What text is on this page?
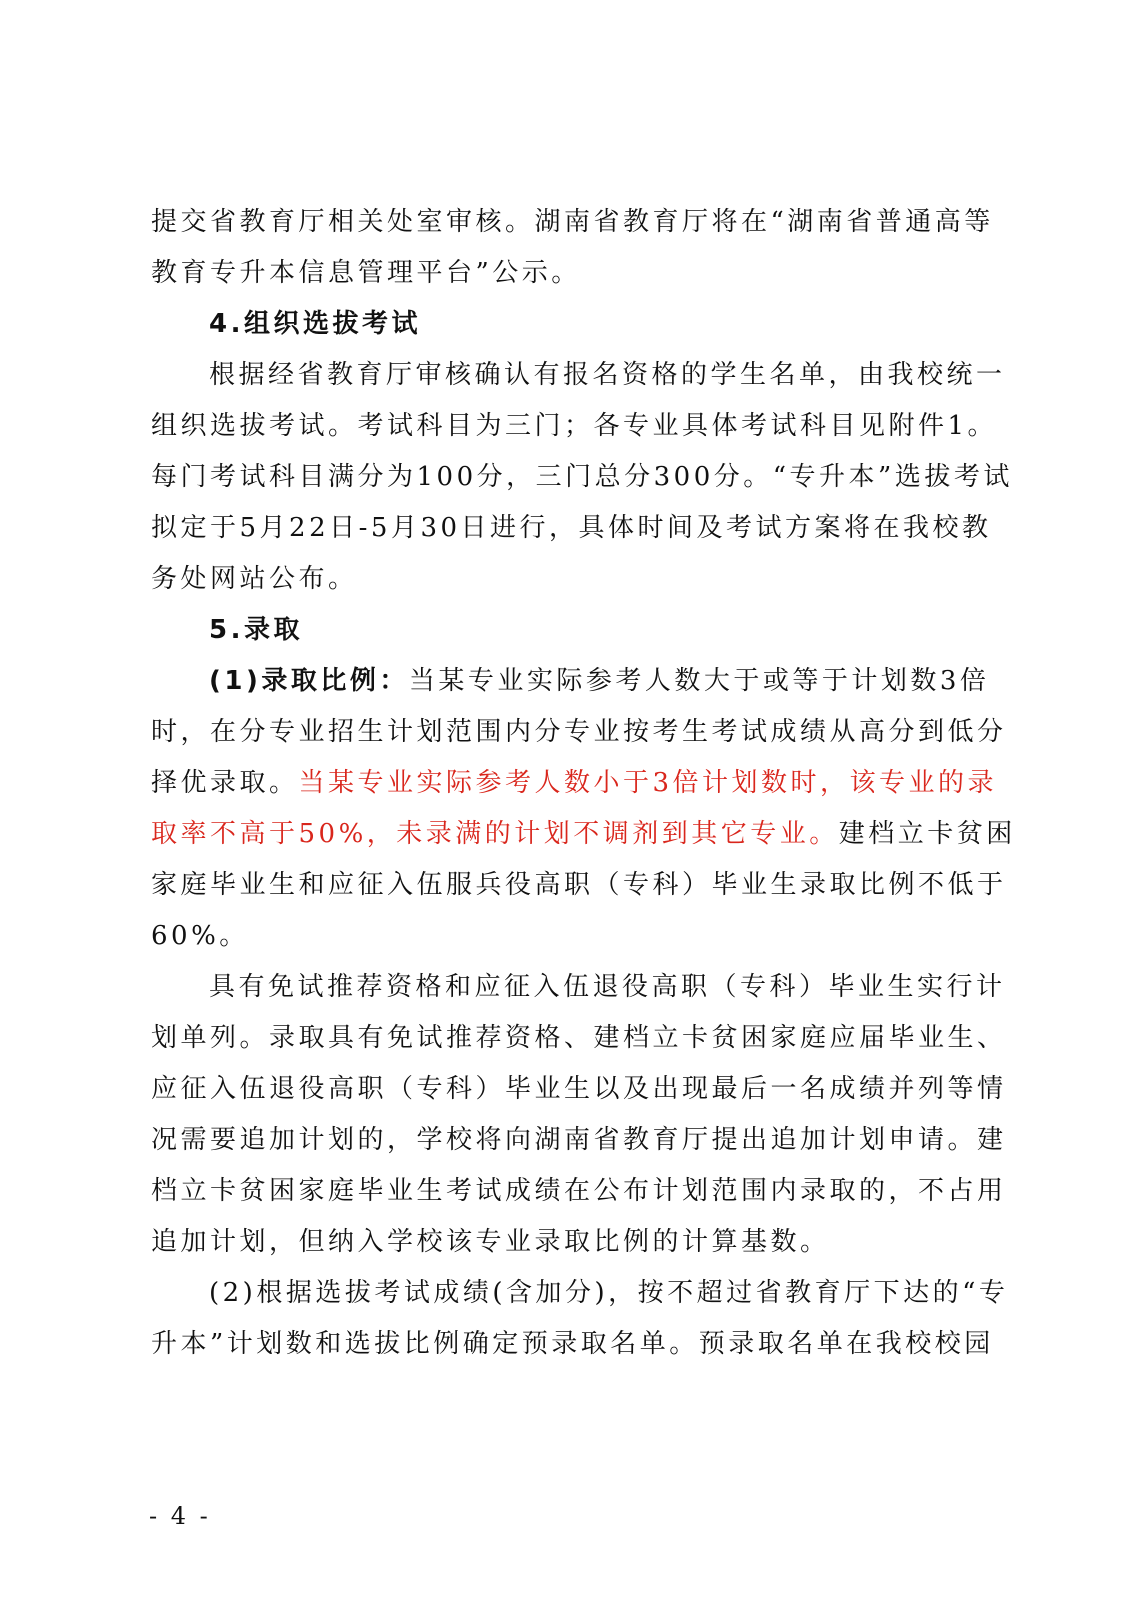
提交省教育厅相关处室审核。湖南省教育厅将在“湖南省普通高等
教育专升本信息管理平台”公示。
4.组织选拔考试
根据经省教育厅审核确认有报名资格的学生名单，由我校统一
组织选拔考试。考试科目为三门；各专业具体考试科目见附件1。
每门考试科目满分为100分，三门总分300分。“专升本”选拔考试
拟定于5月22日-5月30日进行，具体时间及考试方案将在我校教
务处网站公布。
5.录取
(1)录取比例：当某专业实际参考人数大于或等于计划数3倍
时，在分专业招生计划范围内分专业按考生考试成绩从高分到低分
择优录取。当某专业实际参考人数小于3倍计划数时，该专业的录
取率不高于50%，未录满的计划不调剂到其它专业。建档立卡贫困
家庭毕业生和应征入伍服兵役高职（专科）毕业生录取比例不低于
60%。
具有免试推荐资格和应征入伍退役高职（专科）毕业生实行计
划单列。录取具有免试推荐资格、建档立卡贫困家庭应届毕业生、
应征入伍退役高职（专科）毕业生以及出现最后一名成绩并列等情
况需要追加计划的，学校将向湖南省教育厅提出追加计划申请。建
档立卡贫困家庭毕业生考试成绩在公布计划范围内录取的，不占用
追加计划，但纳入学校该专业录取比例的计算基数。
(2)根据选拔考试成绩(含加分)，按不超过省教育厅下达的“专
升本”计划数和选拔比例确定预录取名单。预录取名单在我校校园
- 4 -
